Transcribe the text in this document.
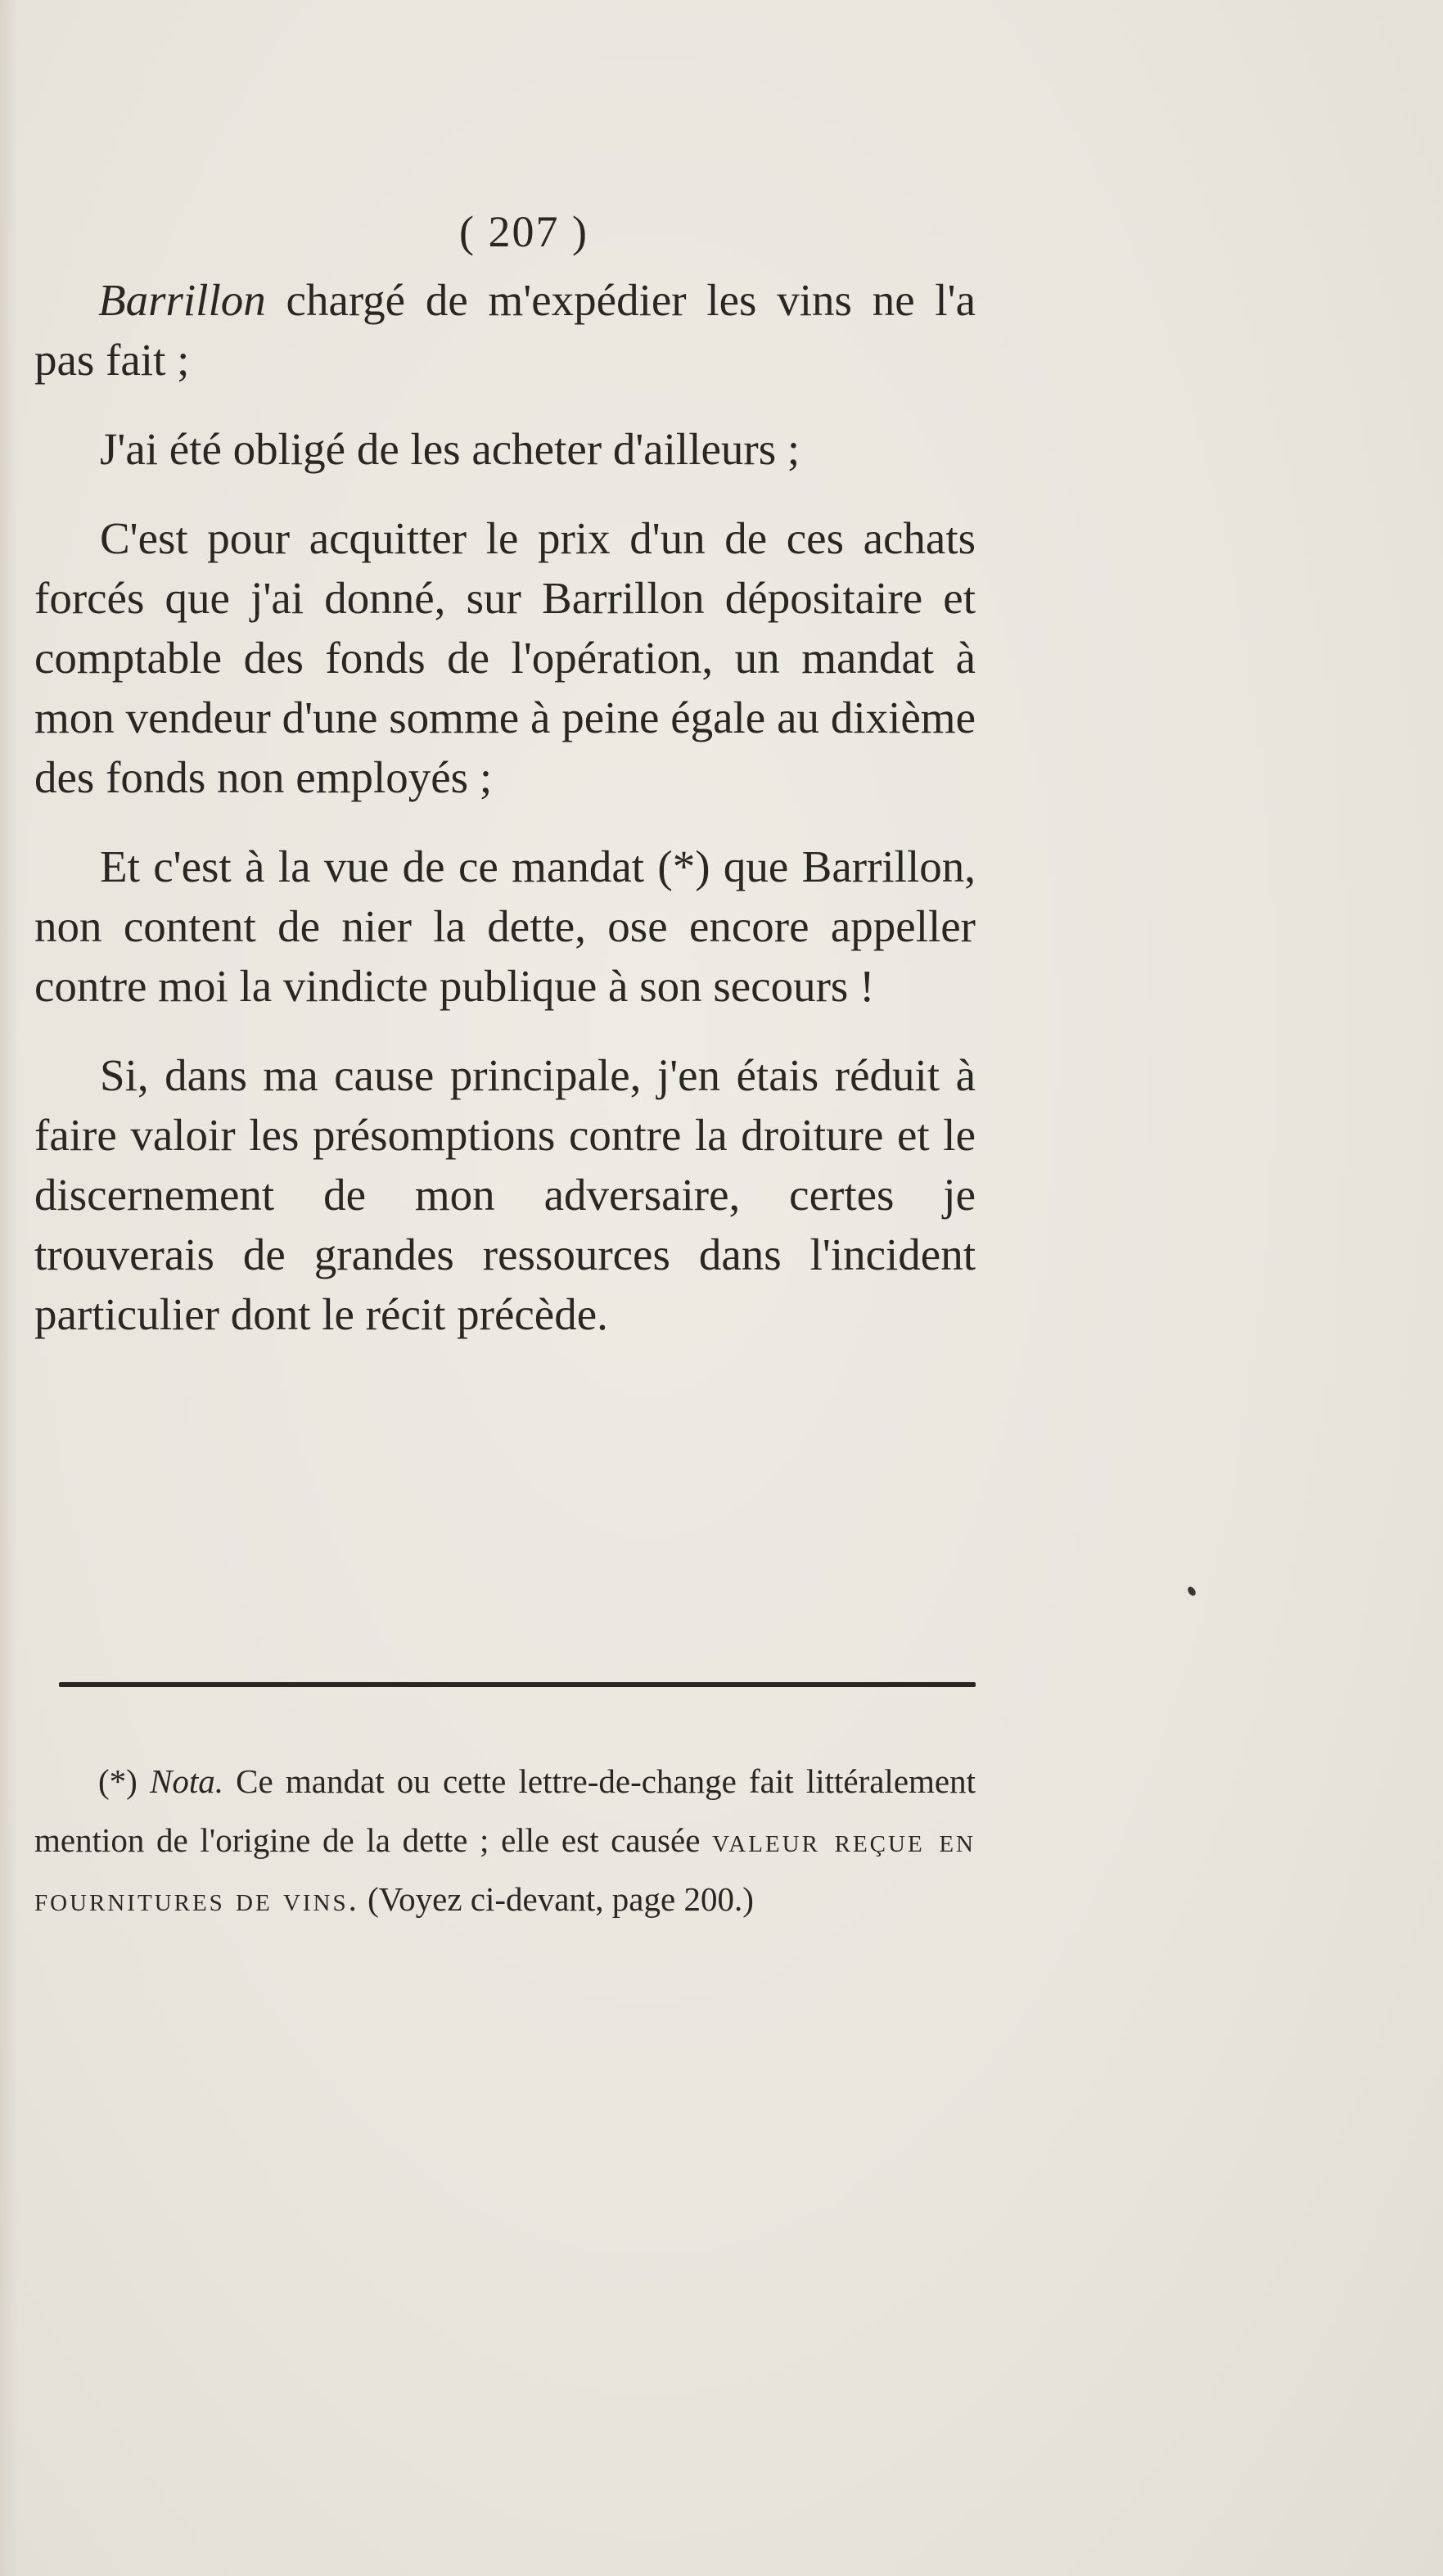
( 207 )

Barrillon chargé de m'expédier les vins ne l'a pas fait ;

J'ai été obligé de les acheter d'ailleurs ;

C'est pour acquitter le prix d'un de ces achats forcés que j'ai donné, sur Barrillon dépositaire et comptable des fonds de l'opération, un mandat à mon vendeur d'une somme à peine égale au dixième des fonds non employés ;

Et c'est à la vue de ce mandat (*) que Barrillon, non content de nier la dette, ose encore appeller contre moi la vindicte publique à son secours !

Si, dans ma cause principale, j'en étais réduit à faire valoir les présomptions contre la droiture et le discernement de mon adversaire, certes je trouverais de grandes ressources dans l'incident particulier dont le récit précède.

(*) Nota. Ce mandat ou cette lettre-de-change fait littéralement mention de l'origine de la dette ; elle est causée valeur reçue en fournitures de vins. (Voyez ci-devant, page 200.)
